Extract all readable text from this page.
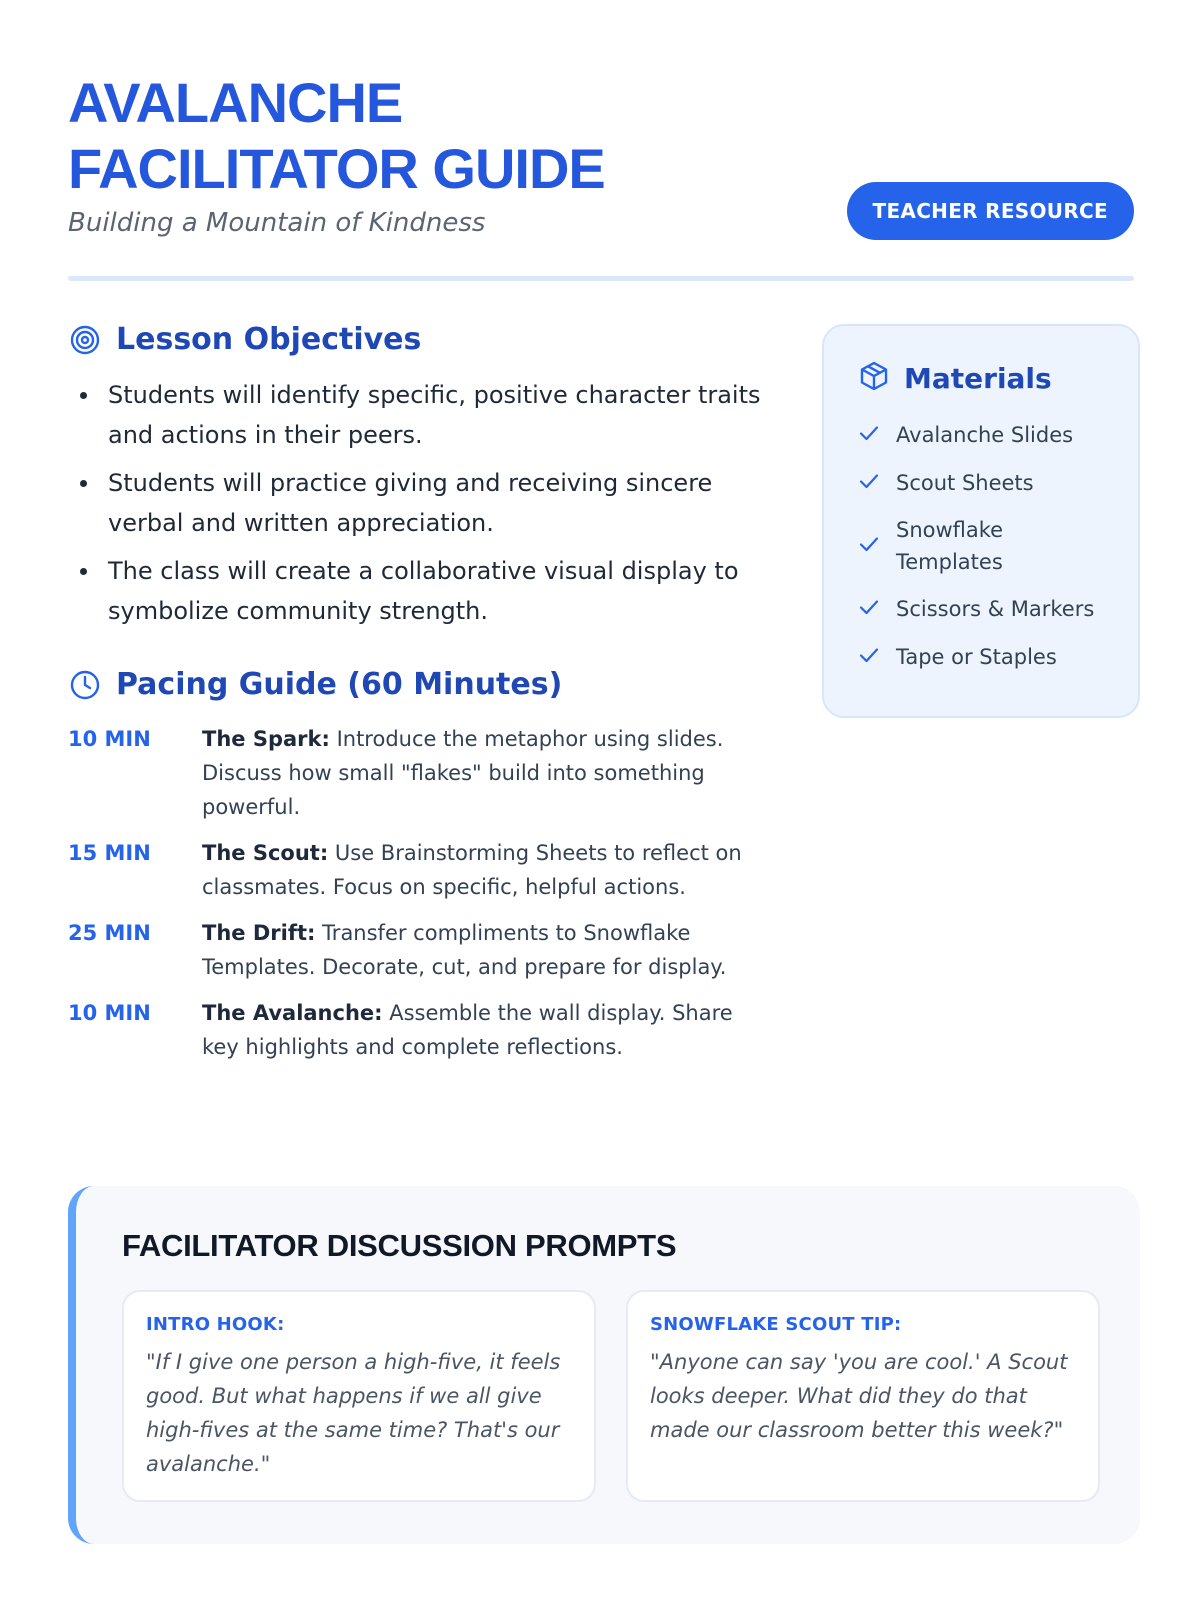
AVALANCHE
FACILITATOR GUIDE
Building a Mountain of Kindness	TEACHER RESOURCE
Lesson Objectives
Students will identify specific, positive character traits and actions in their peers.
Students will practice giving and receiving sincere verbal and written appreciation.
The class will create a collaborative visual display to symbolize community strength.
Pacing Guide (60 Minutes)
10 MIN	The Spark: Introduce the metaphor using slides. Discuss how small "flakes" build into something powerful.
15 MIN	The Scout: Use Brainstorming Sheets to reflect on classmates. Focus on specific, helpful actions.
25 MIN	The Drift: Transfer compliments to Snowflake Templates. Decorate, cut, and prepare for display.
10 MIN	The Avalanche: Assemble the wall display. Share key highlights and complete reflections.
Materials
Avalanche Slides
Scout Sheets
Snowflake Templates
Scissors & Markers
Tape or Staples
FACILITATOR DISCUSSION PROMPTS
INTRO HOOK:
"If I give one person a high-five, it feels good. But what happens if we all give high-fives at the same time? That's our avalanche."
SNOWFLAKE SCOUT TIP:
"Anyone can say 'you are cool.' A Scout looks deeper. What did they do that made our classroom better this week?"
